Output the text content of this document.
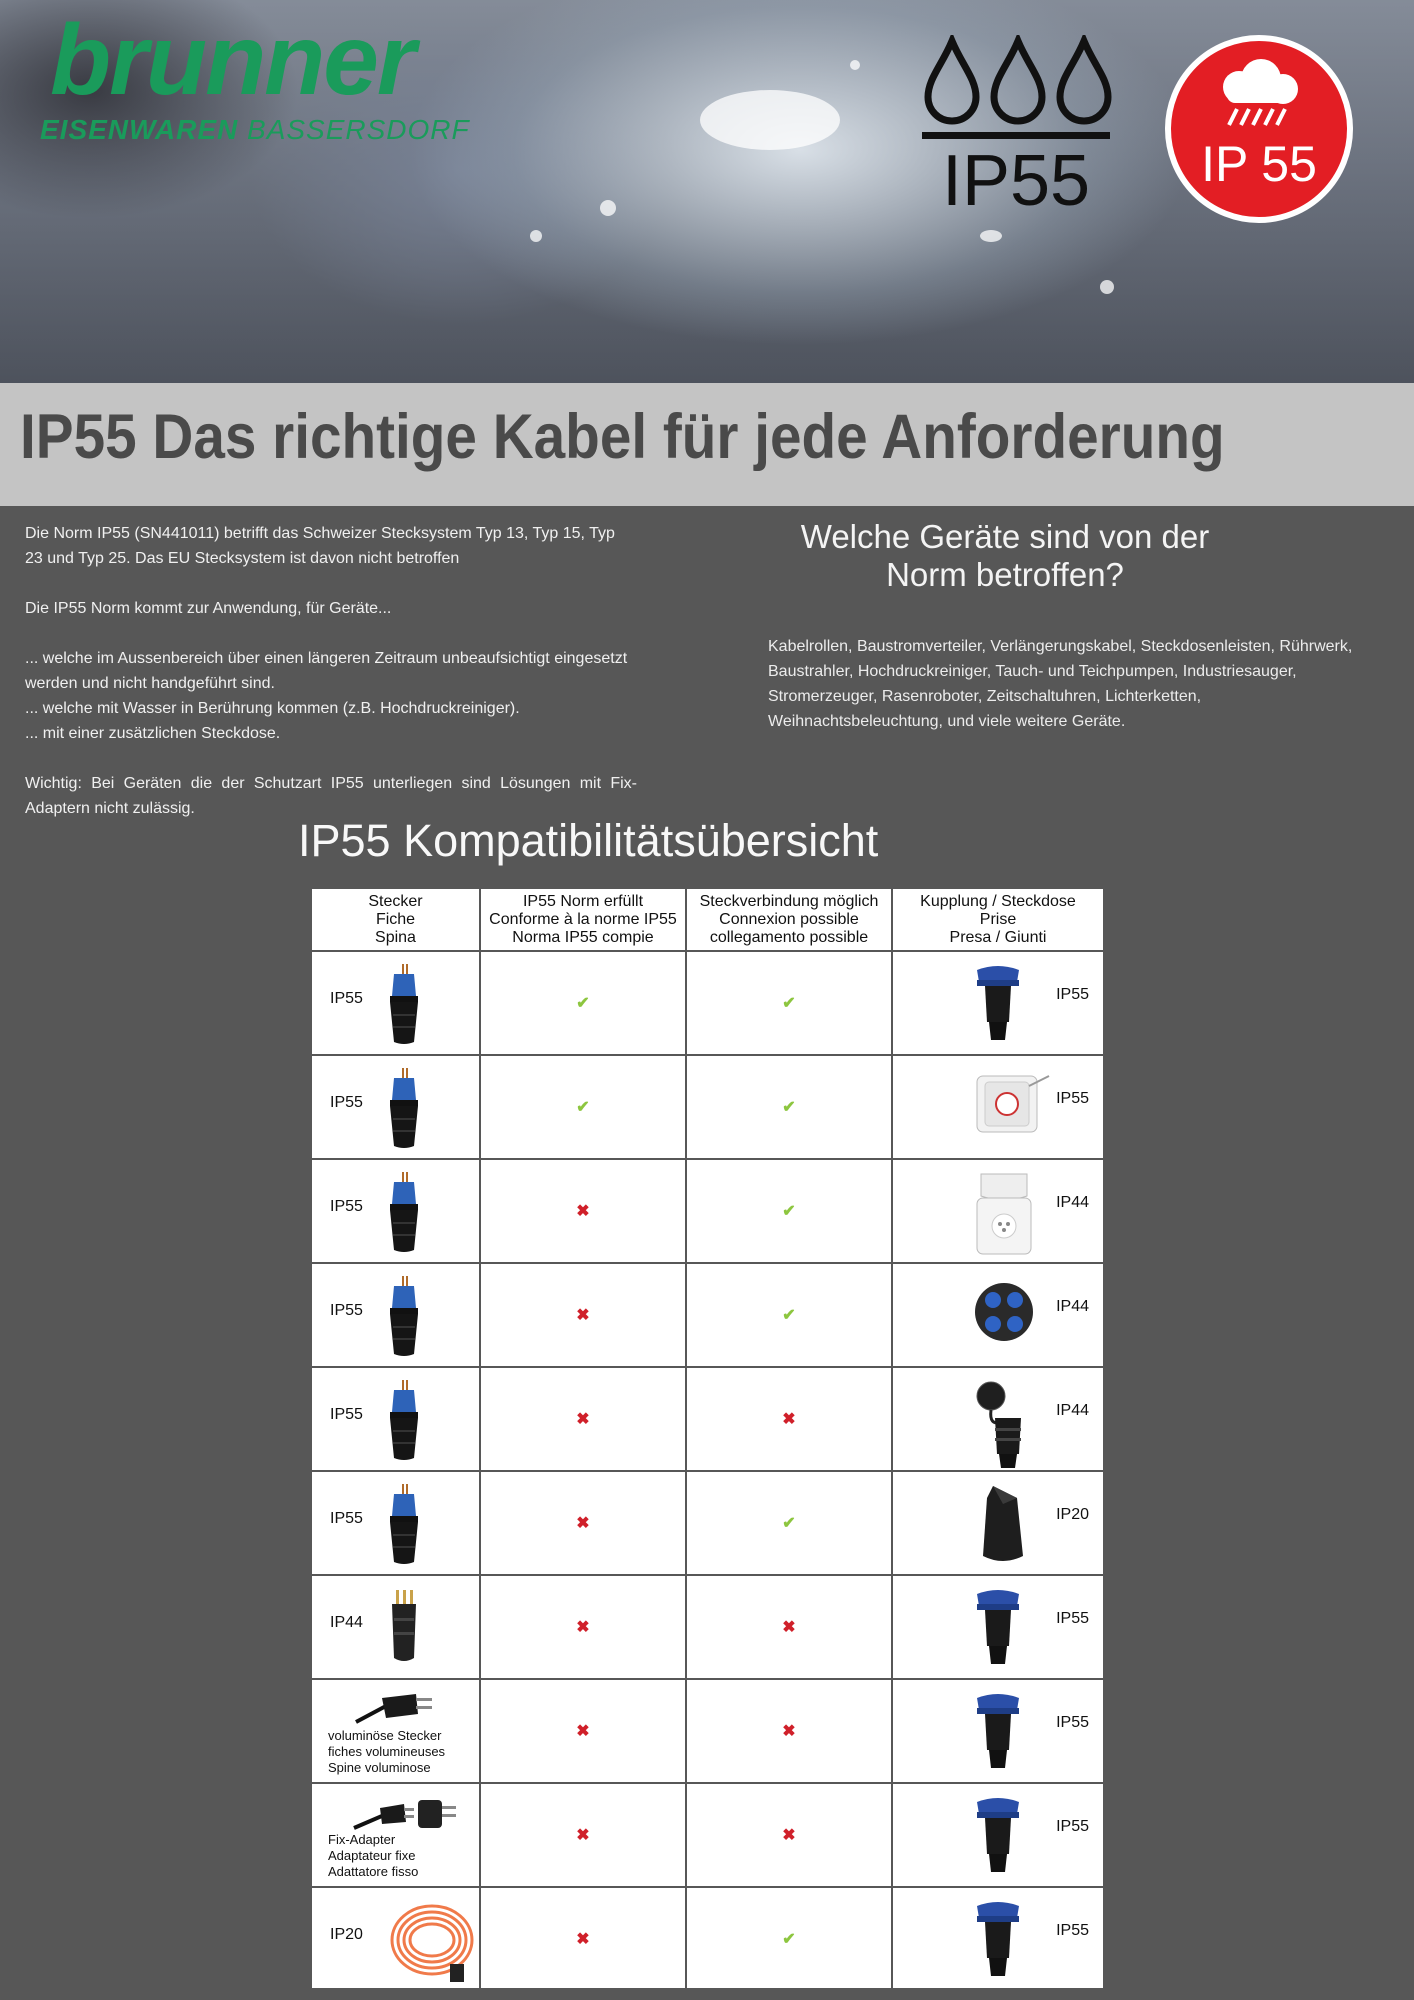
brunner
EISENWAREN BASSERSDORF
IP55	IP 55
IP55 Das richtige Kabel für jede Anforderung

Die Norm IP55 (SN441011) betrifft das Schweizer Stecksystem Typ 13, Typ 15, Typ 23 und Typ 25. Das EU Stecksystem ist davon nicht betroffen

Die IP55 Norm kommt zur Anwendung, für Geräte...

... welche im Aussenbereich über einen längeren Zeitraum unbeaufsichtigt eingesetzt werden und nicht handgeführt sind.

... welche mit Wasser in Berührung kommen (z.B. Hochdruckreiniger).

... mit einer zusätzlichen Steckdose.

Wichtig: Bei Geräten die der Schutzart IP55 unterliegen sind Lösungen mit Fix-Adaptern nicht zulässig.

Welche Geräte sind von der Norm betroffen?
Kabelrollen, Baustromverteiler, Verlängerungskabel, Steckdosenleisten, Rührwerk, Baustrahler, Hochdruckreiniger, Tauch- und Teichpumpen, Industriesauger, Stromerzeuger, Rasenroboter, Zeitschaltuhren, Lichterketten, Weihnachtsbeleuchtung, und viele weitere Geräte.
IP55 Kompatibilitätsübersicht
Stecker
Fiche
Spina	IP55 Norm erfüllt
Conforme à la norme IP55
Norma IP55 compie	Steckverbindung möglich
Connexion possible
collegamento possible	Kupplung / Steckdose
Prise
Presa / Giunti

IP55	✔	✔	IP55

IP55	✔	✔	IP55

IP55	✖	✔	IP44

IP55	✖	✔	IP44

IP55	✖	✖	IP44

IP55	✖	✔	IP20

IP44	✖	✖	IP55

voluminöse Stecker
fiches volumineuses
Spine voluminose	✖	✖	IP55

Fix-Adapter
Adaptateur fixe
Adattatore fisso	✖	✖	IP55

IP20	✖	✔	IP55
